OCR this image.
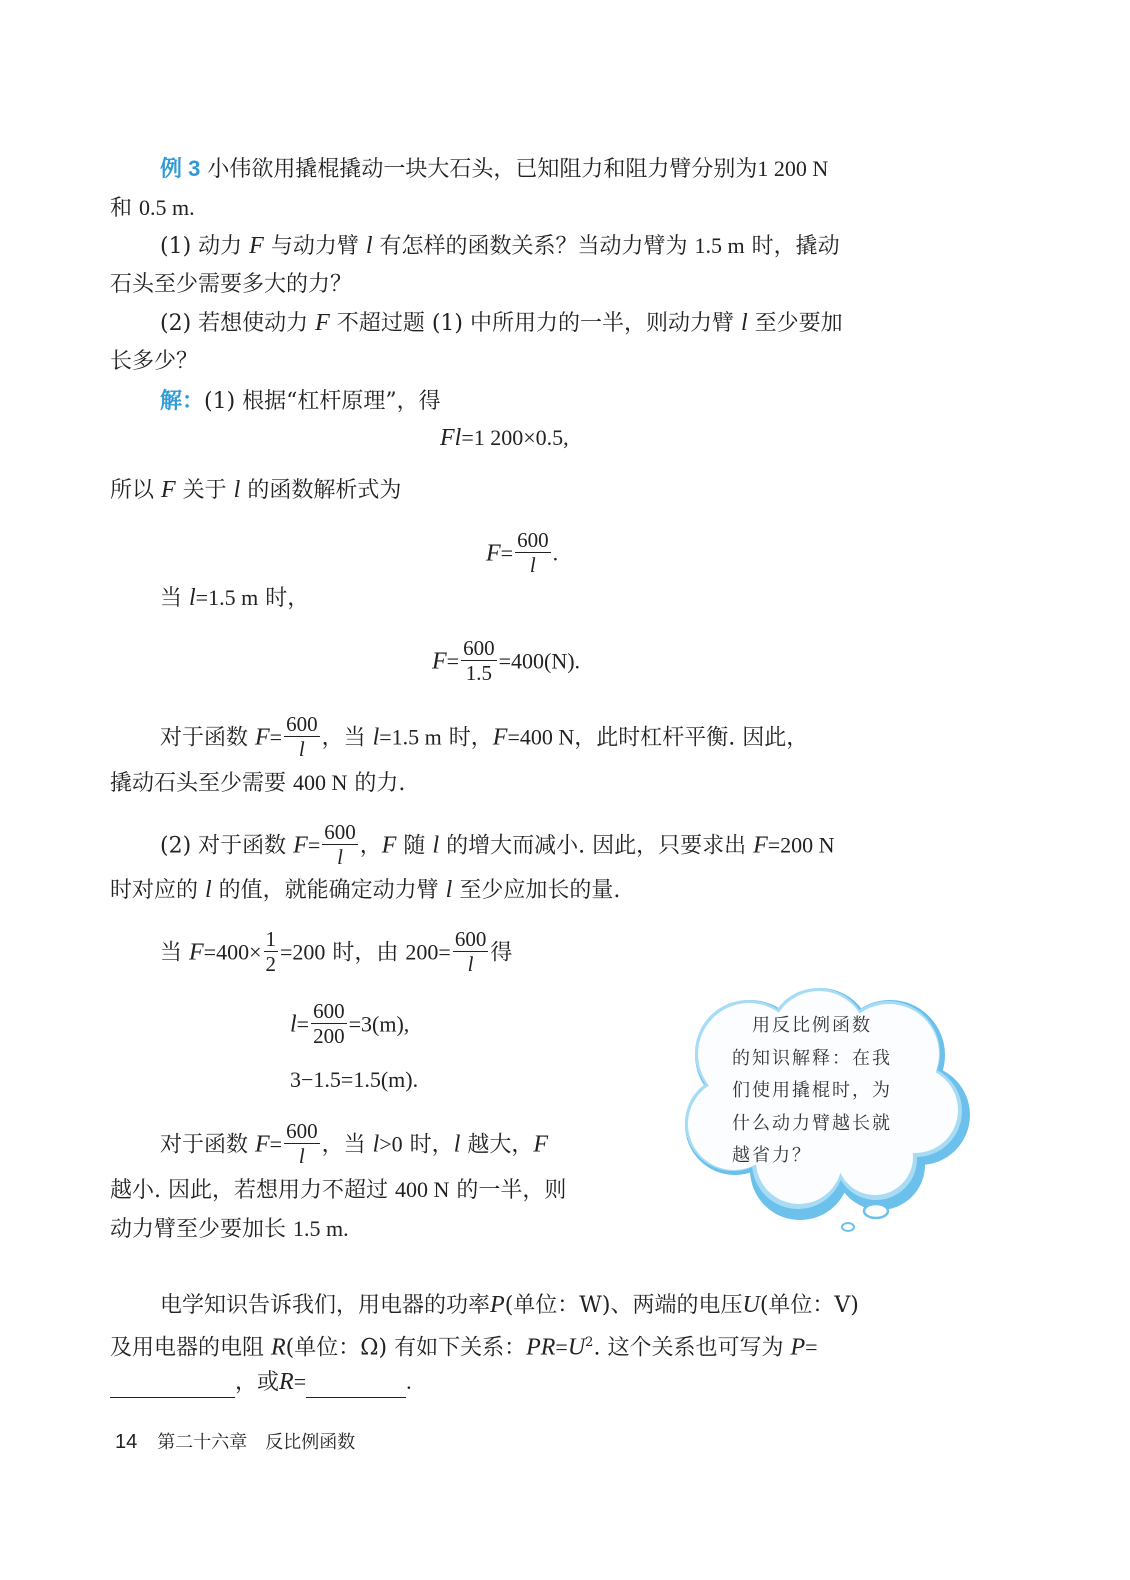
例 3 小伟欲用撬棍撬动一块大石头，已知阻力和阻力臂分别为1 200 N
和 0.5 m.
(1) 动力 F 与动力臂 l 有怎样的函数关系？当动力臂为 1.5 m 时，撬动
石头至少需要多大的力？
(2) 若想使动力 F 不超过题 (1) 中所用力的一半，则动力臂 l 至少要加
长多少？
解：(1) 根据“杠杆原理”，得
Fl=1 200×0.5,
所以 F 关于 l 的函数解析式为
$F= \frac{600}{l}$ .
当 l=1.5 m 时，
$F= \frac{600}{1.5} =400(N)$.
对于函数 $F= \frac{600}{l}$ ，当 l=1.5 m 时，F=400 N，此时杠杆平衡. 因此，
撬动石头至少需要 400 N 的力.
(2) 对于函数 $F= \frac{600}{l}$ ，F 随 l 的增大而减小. 因此，只要求出 F=200 N
时对应的 l 的值，就能确定动力臂 l 至少应加长的量.
当 $F=400\times \frac{1}{2} =200$ 时，由 $200= \frac{600}{l}$ 得
$l= \frac{600}{200} =3(m)$,
3−1.5=1.5(m).
对于函数 $F= \frac{600}{l}$ ，当 l>0 时，l 越大，F
越小. 因此，若想用力不超过 400 N 的一半，则
动力臂至少要加长 1.5 m.
电学知识告诉我们，用电器的功率P(单位：W)、两端的电压U(单位：V)
及用电器的电阻 R(单位：Ω) 有如下关系：$PR=U^2$. 这个关系也可写为 P=
，或R=	.
　用反比例函数
的知识解释：在我
们使用撬棍时，为
什么动力臂越长就
越省力？
14 第二十六章　反比例函数
